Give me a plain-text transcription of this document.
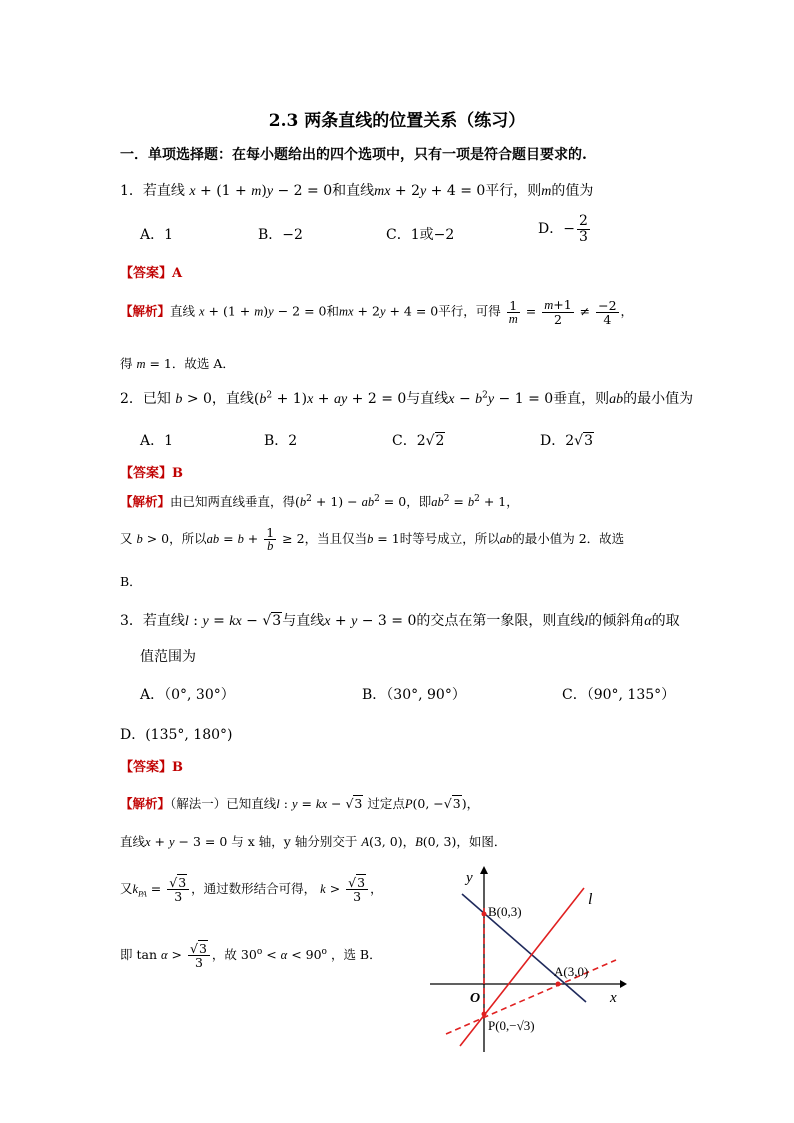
2.3 两条直线的位置关系（练习）
一．单项选择题：在每小题给出的四个选项中，只有一项是符合题目要求的.
1．若直线 x + (1 + m)y − 2 = 0和直线mx + 2y + 4 = 0平行，则m的值为
A．1	B．−2	C．1或−2	D．− $\frac{2}{3}$
【答案】A
【解析】直线 x + (1 + m)y − 2 = 0和mx + 2y + 4 = 0平行，可得 $\frac{1}{m} = \frac{m+1}{2} \ne \frac{-2}{4}$ ，
得 m = 1．故选 A．
2．已知 b > 0，直线$(b^2 + 1)x$ + ay + 2 = 0与直线$x - b^2y - 1 = 0$垂直，则ab的最小值为
A．1	B．2	C．2√2	D．2√3
【答案】B
【解析】由已知两直线垂直，得$(b^2 + 1) - ab^2 = 0$，即$ab^2 = b^2 + 1$，
又 b > 0，所以ab = $b + \frac{1}{b} \ge 2$，当且仅当b = 1时等号成立，所以ab的最小值为 2．故选
B．
3．若直线l : y = kx − √3与直线x + y − 3 = 0的交点在第一象限，则直线l的倾斜角α的取
值范围为
A．（0°, 30°）	B．（30°, 90°）	C．（90°, 135°）
D．(135°, 180°)
【答案】B
【解析】（解法一）已知直线l : y = kx − √3 过定点P(0, −√3)，
直线x + y − 3 = 0 与 x 轴，y 轴分别交于 A(3, 0)，B(0, 3)，如图．
又$k_{PA} = \frac{√3}{3}$ ，通过数形结合可得， $k > \frac{√3}{3}$ ，
即 $\tan \alpha > \frac{√3}{3}$ ，故 $30^o < \alpha < 90^o$ ，选 B．
y
x
O
l
B(0,3)
A(3,0)
P(0,−√3)
